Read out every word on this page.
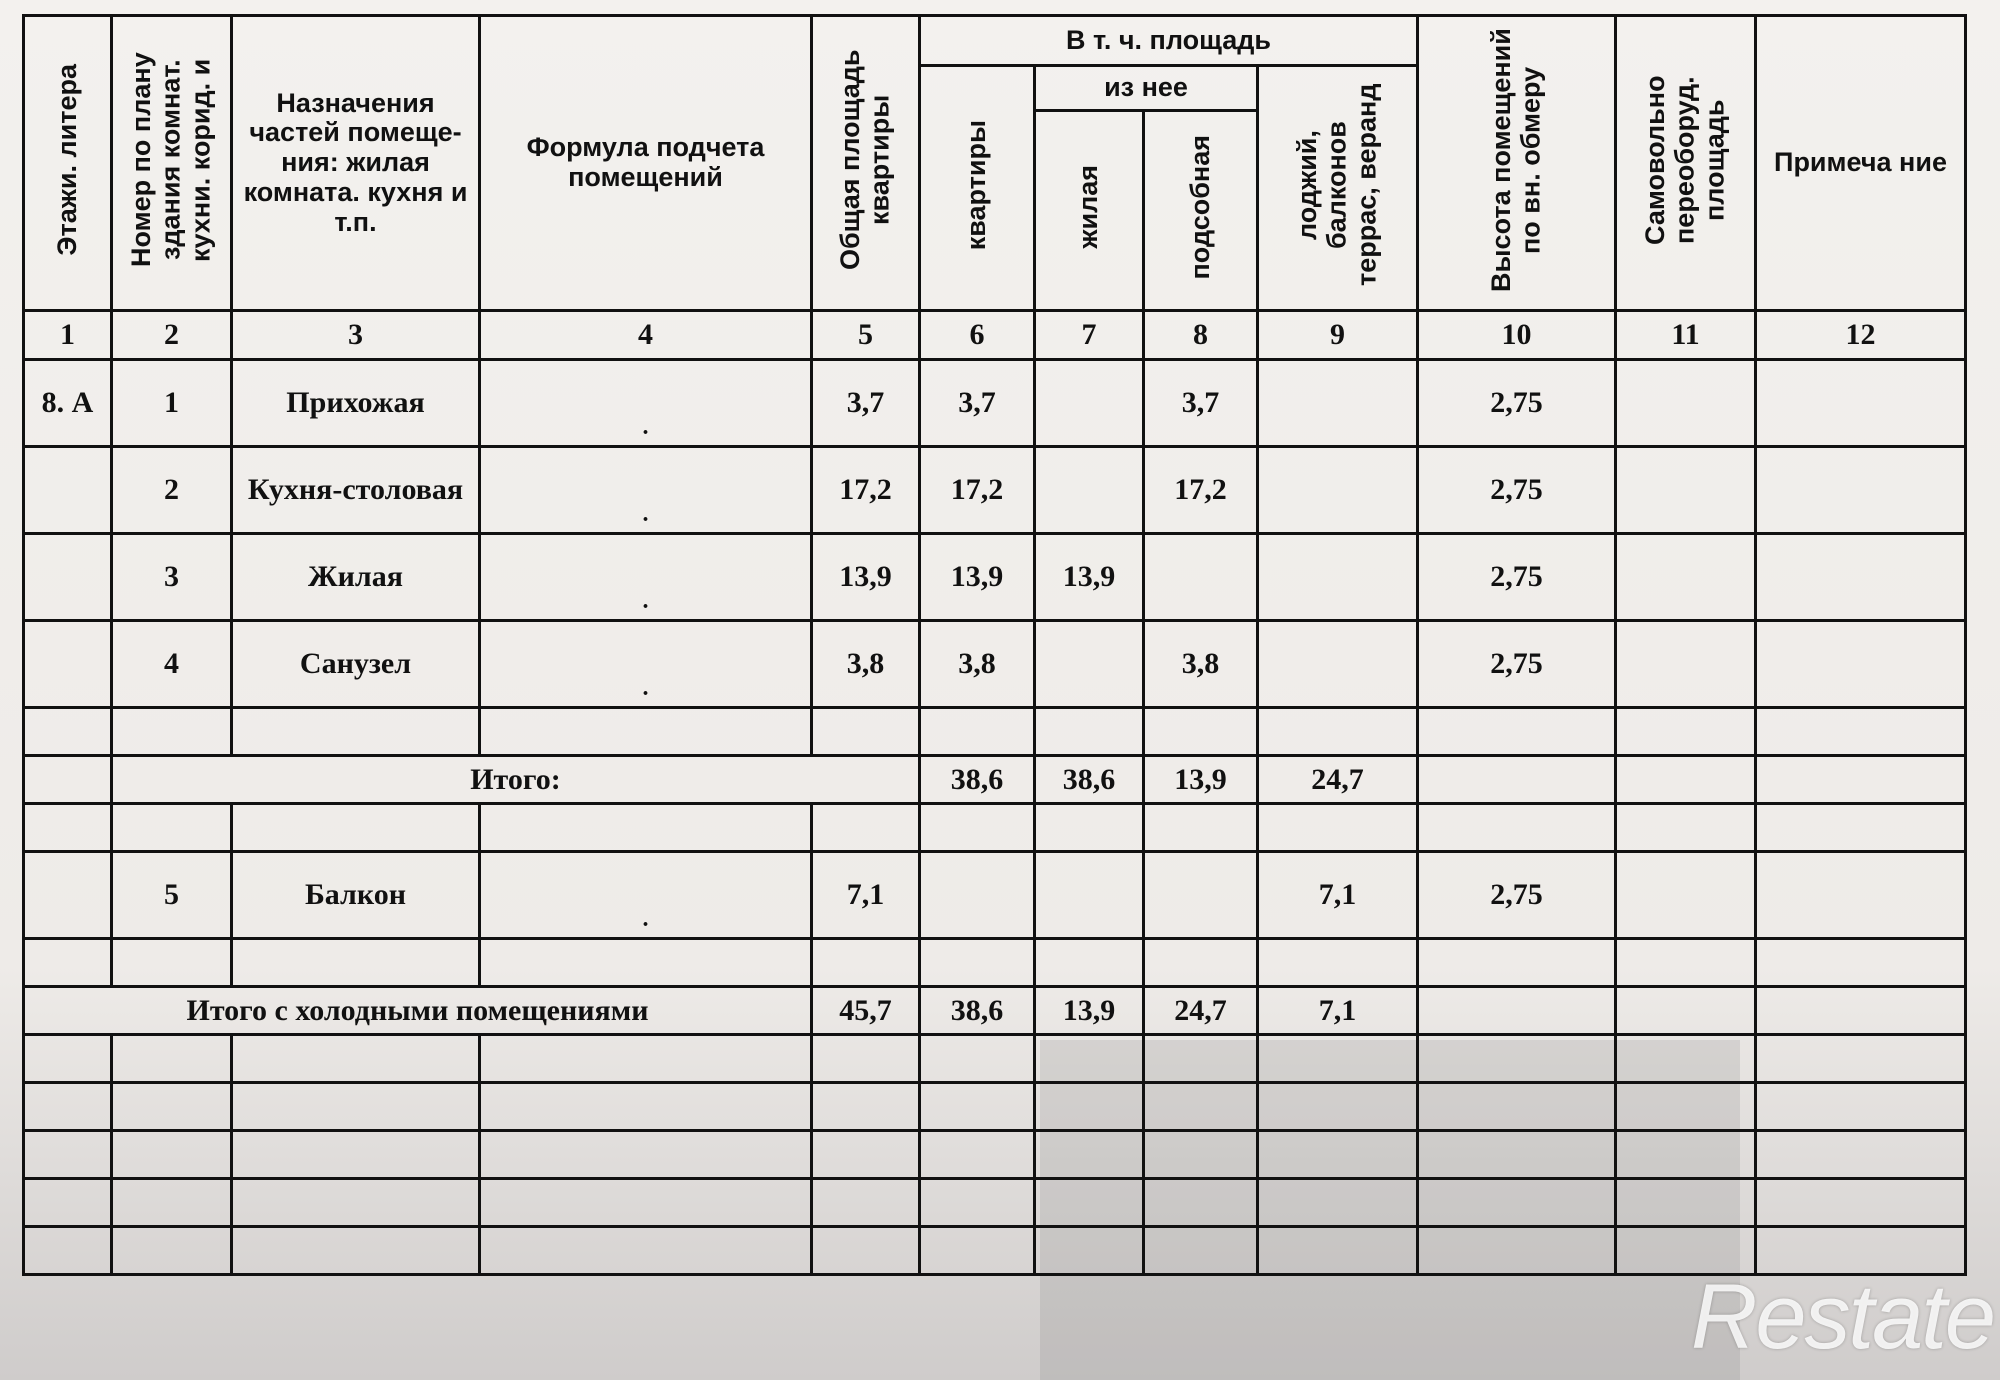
Этажи. литера	Номер по плану здания комнат. кухни. корид. и	Назначения частей помеще-ния: жилая комната. кухня и т.п.	Формула подчета помещений	Общая площадь квартиры	В т. ч. площадь				Высота помещений по вн. обмеру	Самовольно переоборуд. площадь	Примеча ние
					квартиры	из нее		лоджий, балконов террас, веранд			
						жилая	подсобная				
1	2	3	4	5	6	7	8	9	10	11	12
8. А	1	Прихожая	$_.$	3,7	3,7		3,7		2,75		
	2	Кухня-столовая	$_.$	17,2	17,2		17,2		2,75		
	3	Жилая	$_.$	13,9	13,9	13,9			2,75		
	4	Санузел	$_.$	3,8	3,8		3,8		2,75		

	Итого:				38,6	38,6	13,9	24,7			

	5	Балкон	$_.$	7,1				7,1	2,75		

Итого с холодными помещениями				45,7	38,6	13,9	24,7	7,1			

Restate
